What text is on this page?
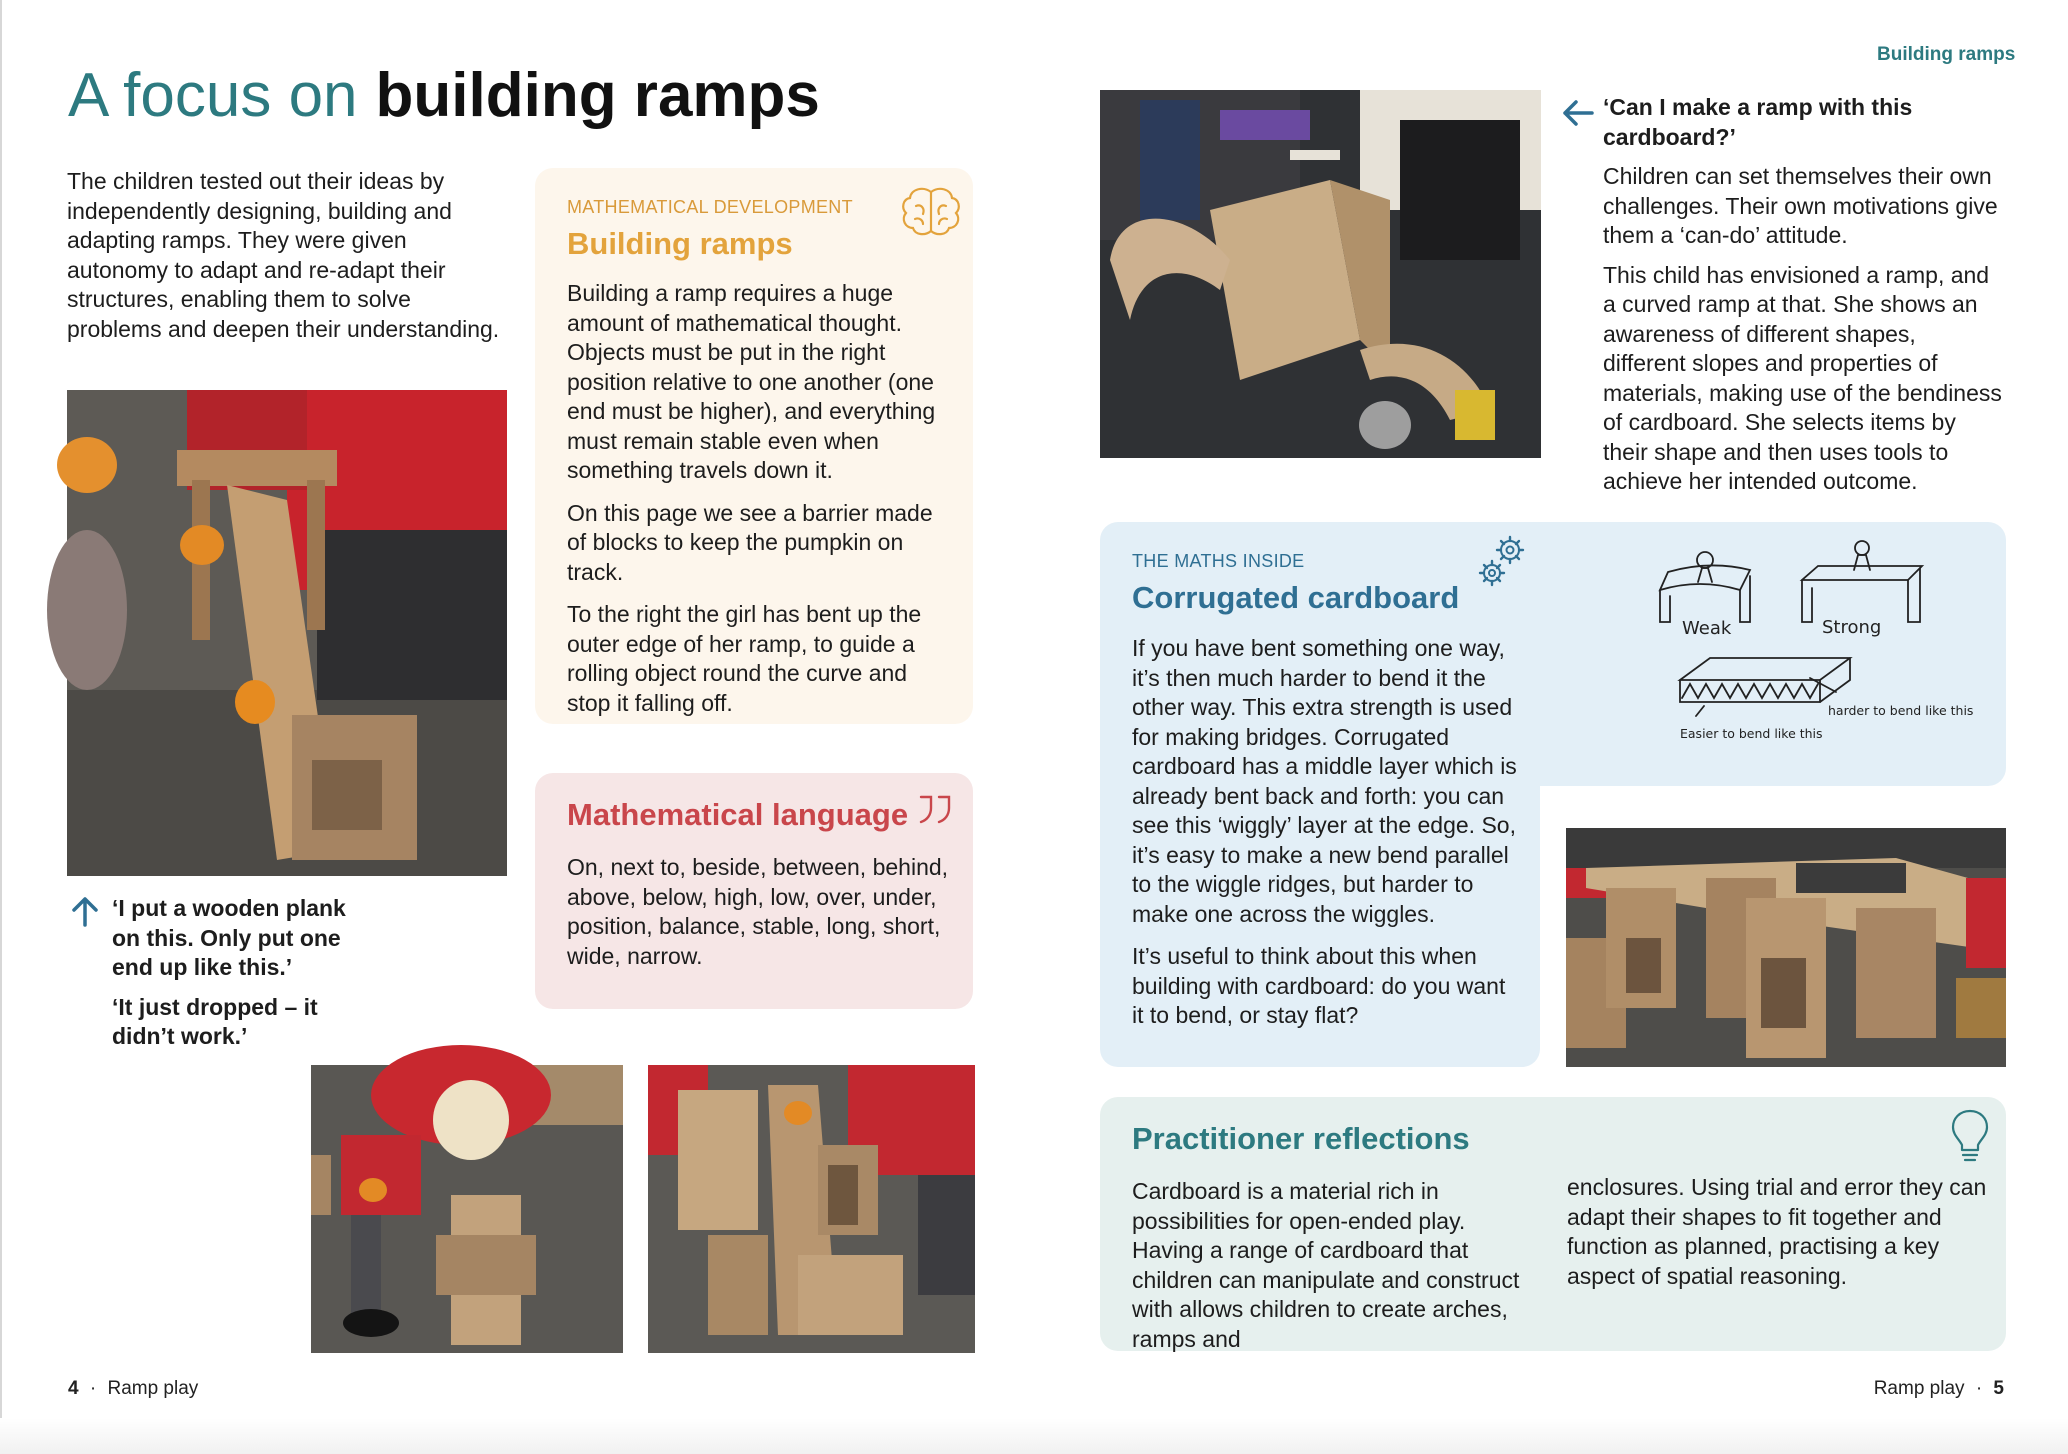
A focus on building ramps
Building ramps
The children tested out their ideas by independently designing, building and adapting ramps. They were given autonomy to adapt and re-adapt their structures, enabling them to solve problems and deepen their understanding.

‘I put a wooden plank on this. Only put one end up like this.’

‘It just dropped – it didn’t work.’

MATHEMATICAL DEVELOPMENT
Building ramps

Building a ramp requires a huge amount of mathematical thought. Objects must be put in the right position relative to one another (one end must be higher), and everything must remain stable even when something travels down it.

On this page we see a barrier made of blocks to keep the pumpkin on track.

To the right the girl has bent up the outer edge of her ramp, to guide a rolling object round the curve and stop it falling off.

Mathematical language
On, next to, beside, between, behind, above, below, high, low, over, under, position, balance, stable, long, short, wide, narrow.

‘Can I make a ramp with this cardboard?’

Children can set themselves their own challenges. Their own motivations give them a ‘can-do’ attitude.

This child has envisioned a ramp, and a curved ramp at that. She shows an awareness of different shapes, different slopes and properties of materials, making use of the bendiness of cardboard. She selects items by their shape and then uses tools to achieve her intended outcome.

THE MATHS INSIDE
Corrugated cardboard

If you have bent something one way, it’s then much harder to bend it the other way. This extra strength is used for making bridges. Corrugated cardboard has a middle layer which is already bent back and forth: you can see this ‘wiggly’ layer at the edge. So, it’s easy to make a new bend parallel to the wiggle ridges, but harder to make one across the wiggles.

It’s useful to think about this when building with cardboard: do you want it to bend, or stay flat?

Weak	Strong
Easier to bend like this
harder to bend like this
Practitioner reflections
Cardboard is a material rich in possibilities for open-ended play. Having a range of cardboard that children can manipulate and construct with allows children to create arches, ramps and
enclosures. Using trial and error they can adapt their shapes to fit together and function as planned, practising a key aspect of spatial reasoning.
4 · Ramp play	Ramp play · 5
